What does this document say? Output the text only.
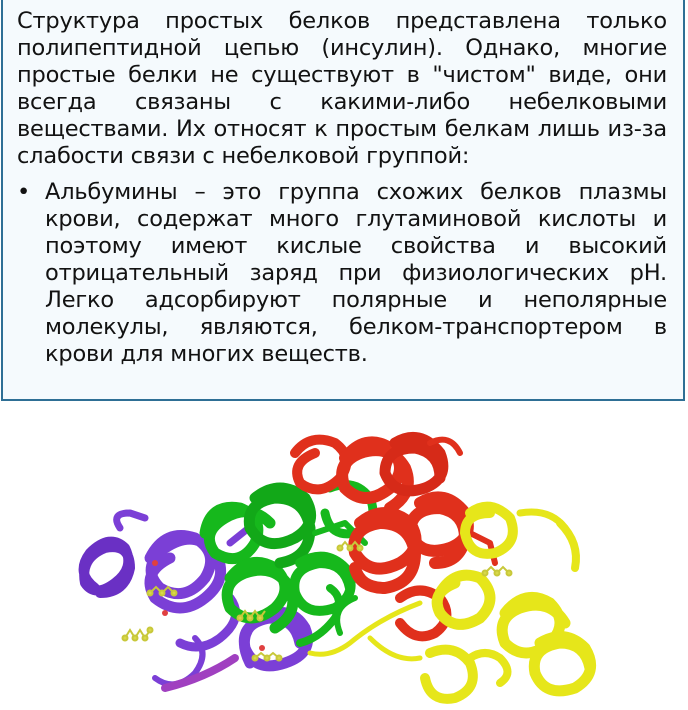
Структура простых белков представлена только полипептидной цепью (инсулин). Однако, многие простые белки не существуют в "чистом" виде, они всегда связаны с какими-либо небелковыми веществами. Их относят к простым белкам лишь из-за слабости связи с небелковой группой:

• Альбумины – это группа схожих белков плазмы крови, содержат много глутаминовой кислоты и поэтому имеют кислые свойства и высокий отрицательный заряд при физиологических pH. Легко адсорбируют полярные и неполярные молекулы, являются, белком-транспортером в крови для многих веществ.
